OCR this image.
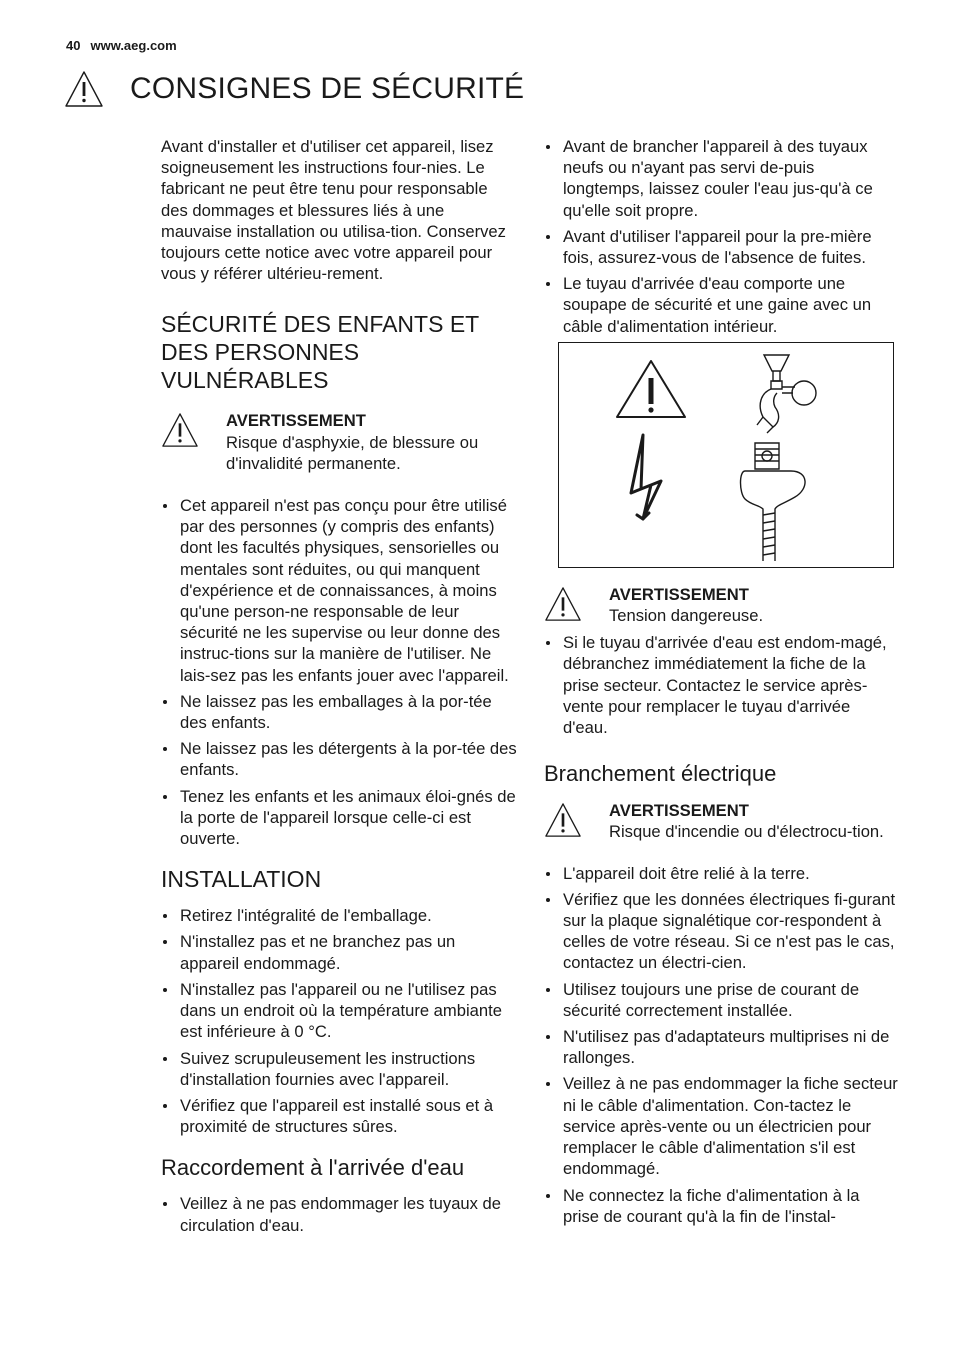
40 www.aeg.com
CONSIGNES DE SÉCURITÉ

Avant d'installer et d'utiliser cet appareil, lisez soigneusement les instructions four-nies. Le fabricant ne peut être tenu pour responsable des dommages et blessures liés à une mauvaise installation ou utilisa-tion. Conservez toujours cette notice avec votre appareil pour vous y référer ultérieu-rement.

SÉCURITÉ DES ENFANTS ET DES PERSONNES VULNÉRABLES
AVERTISSEMENT
Risque d'asphyxie, de blessure ou d'invalidité permanente.
Cet appareil n'est pas conçu pour être utilisé par des personnes (y compris des enfants) dont les facultés physiques, sensorielles ou mentales sont réduites, ou qui manquent d'expérience et de connaissances, à moins qu'une person-ne responsable de leur sécurité ne les supervise ou leur donne des instruc-tions sur la manière de l'utiliser. Ne lais-sez pas les enfants jouer avec l'appareil.
Ne laissez pas les emballages à la por-tée des enfants.
Ne laissez pas les détergents à la por-tée des enfants.
Tenez les enfants et les animaux éloi-gnés de la porte de l'appareil lorsque celle-ci est ouverte.
INSTALLATION
Retirez l'intégralité de l'emballage.
N'installez pas et ne branchez pas un appareil endommagé.
N'installez pas l'appareil ou ne l'utilisez pas dans un endroit où la température ambiante est inférieure à 0 °C.
Suivez scrupuleusement les instructions d'installation fournies avec l'appareil.
Vérifiez que l'appareil est installé sous et à proximité de structures sûres.
Raccordement à l'arrivée d'eau
Veillez à ne pas endommager les tuyaux de circulation d'eau.
Avant de brancher l'appareil à des tuyaux neufs ou n'ayant pas servi de-puis longtemps, laissez couler l'eau jus-qu'à ce qu'elle soit propre.
Avant d'utiliser l'appareil pour la pre-mière fois, assurez-vous de l'absence de fuites.
Le tuyau d'arrivée d'eau comporte une soupape de sécurité et une gaine avec un câble d'alimentation intérieur.
AVERTISSEMENT
Tension dangereuse.
Si le tuyau d'arrivée d'eau est endom-magé, débranchez immédiatement la fiche de la prise secteur. Contactez le service après-vente pour remplacer le tuyau d'arrivée d'eau.
Branchement électrique
AVERTISSEMENT
Risque d'incendie ou d'électrocu-tion.
L'appareil doit être relié à la terre.
Vérifiez que les données électriques fi-gurant sur la plaque signalétique cor-respondent à celles de votre réseau. Si ce n'est pas le cas, contactez un électri-cien.
Utilisez toujours une prise de courant de sécurité correctement installée.
N'utilisez pas d'adaptateurs multiprises ni de rallonges.
Veillez à ne pas endommager la fiche secteur ni le câble d'alimentation. Con-tactez le service après-vente ou un électricien pour remplacer le câble d'alimentation s'il est endommagé.
Ne connectez la fiche d'alimentation à la prise de courant qu'à la fin de l'instal-
